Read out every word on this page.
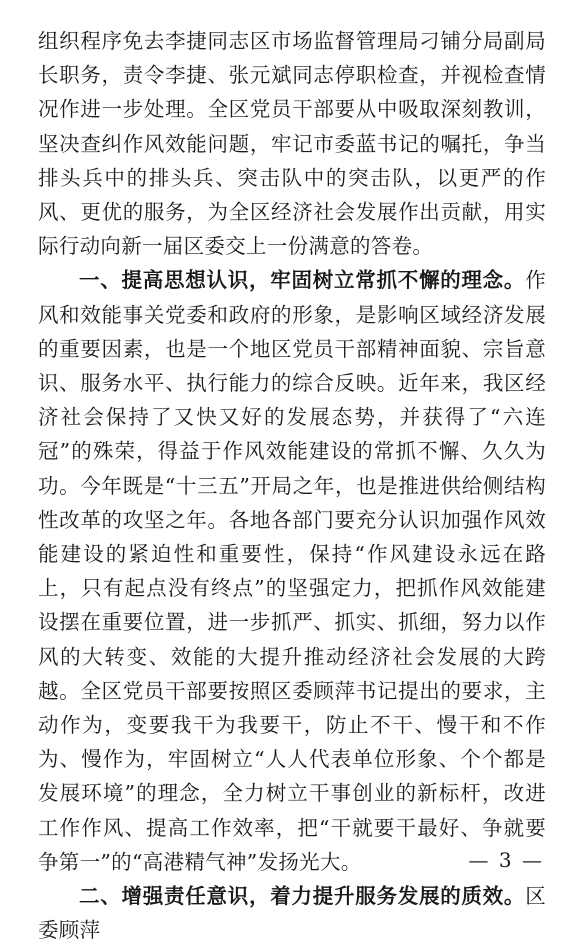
组织程序免去李捷同志区市场监督管理局刁铺分局副局长职务，责令李捷、张元斌同志停职检查，并视检查情况作进一步处理。全区党员干部要从中吸取深刻教训，坚决查纠作风效能问题，牢记市委蓝书记的嘱托，争当排头兵中的排头兵、突击队中的突击队，以更严的作风、更优的服务，为全区经济社会发展作出贡献，用实际行动向新一届区委交上一份满意的答卷。

一、提高思想认识，牢固树立常抓不懈的理念。作风和效能事关党委和政府的形象，是影响区域经济发展的重要因素，也是一个地区党员干部精神面貌、宗旨意识、服务水平、执行能力的综合反映。近年来，我区经济社会保持了又快又好的发展态势，并获得了“六连冠”的殊荣，得益于作风效能建设的常抓不懈、久久为功。今年既是“十三五”开局之年，也是推进供给侧结构性改革的攻坚之年。各地各部门要充分认识加强作风效能建设的紧迫性和重要性，保持“作风建设永远在路上，只有起点没有终点”的坚强定力，把抓作风效能建设摆在重要位置，进一步抓严、抓实、抓细，努力以作风的大转变、效能的大提升推动经济社会发展的大跨越。全区党员干部要按照区委顾萍书记提出的要求，主动作为，变要我干为我要干，防止不干、慢干和不作为、慢作为，牢固树立“人人代表单位形象、个个都是发展环境”的理念，全力树立干事创业的新标杆，改进工作作风、提高工作效率，把“干就要干最好、争就要争第一”的“高港精气神”发扬光大。

二、增强责任意识，着力提升服务发展的质效。区委顾萍

— 3 —
